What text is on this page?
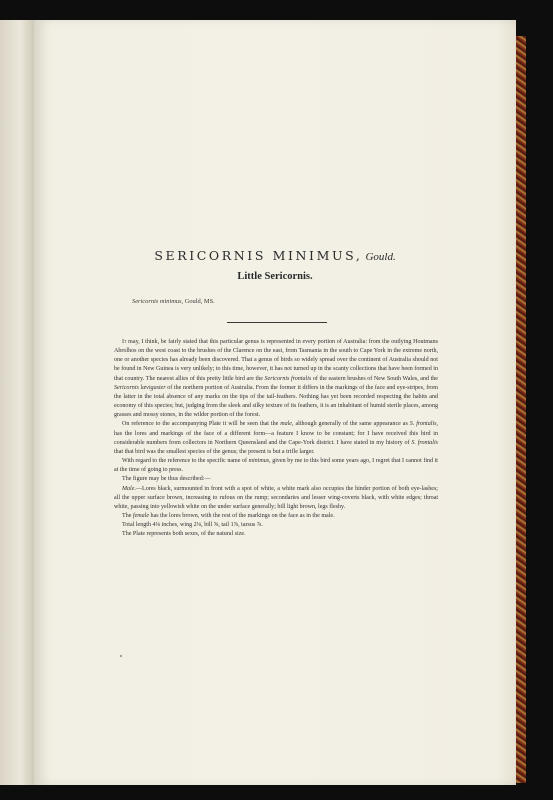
SERICORNIS MINIMUS, Gould.
Little Sericornis.
Sericornis minimus, Gould, MS.

It may, I think, be fairly stated that this particular genus is represented in every portion of Australia: from the outlying Houtmans Abrolhos on the west coast to the brushes of the Clarence on the east, from Tasmania in the south to Cape York in the extreme north, one or another species has already been discovered. That a genus of birds so widely spread over the continent of Australia should not be found in New Guinea is very unlikely; to this time, however, it has not turned up in the scanty collections that have been formed in that country. The nearest allies of this pretty little bird are the Sericornis frontalis of the eastern brushes of New South Wales, and the Sericornis lævigaster of the northern portion of Australia. From the former it differs in the markings of the face and eye-stripes, from the latter in the total absence of any marks on the tips of the tail-feathers. Nothing has yet been recorded respecting the habits and economy of this species; but, judging from the sleek and silky texture of its feathers, it is an inhabitant of humid sterile places, among grasses and mossy stones, in the wilder portion of the forest.

On reference to the accompanying Plate it will be seen that the male, although generally of the same appearance as S. frontalis, has the lores and markings of the face of a different form—a feature I know to be constant; for I have received this bird in considerable numbers from collectors in Northern Queensland and the Cape-York district. I have stated in my history of S. frontalis that that bird was the smallest species of the genus; the present is but a trifle larger.

With regard to the reference to the specific name of minimus, given by me to this bird some years ago, I regret that I cannot find it at the time of going to press.

The figure may be thus described:—

Male.—Lores black, surmounted in front with a spot of white, a white mark also occupies the hinder portion of both eye-lashes; all the upper surface brown, increasing to rufous on the rump; secondaries and lesser wing-coverts black, with white edges; throat white, passing into yellowish white on the under surface generally; bill light brown, legs fleshy.

The female has the lores brown, with the rest of the markings on the face as in the male.

Total length 4⅛ inches, wing 2⅛, bill ⅝, tail 1⅞, tarsus ⅞.

The Plate represents both sexes, of the natural size.
